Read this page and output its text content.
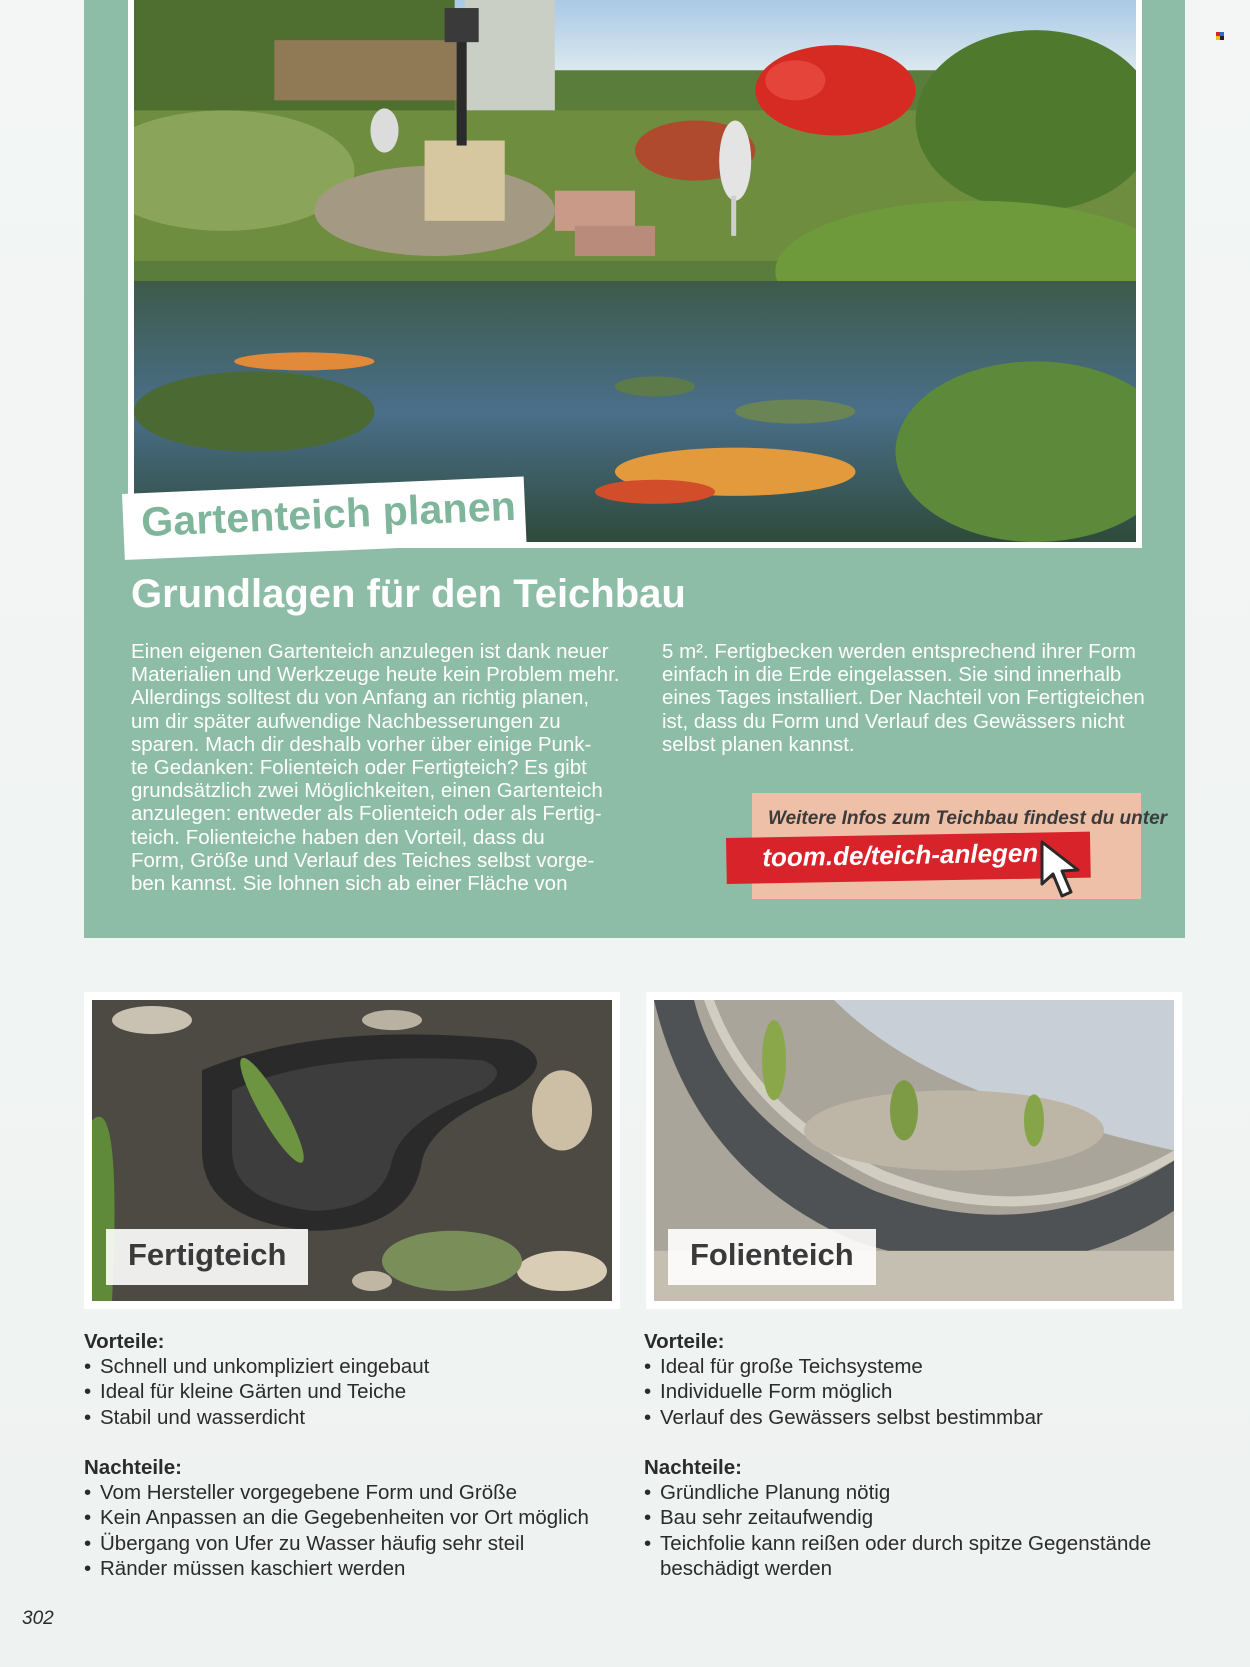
Gartenteich planen
Grundlagen für den Teichbau

Einen eigenen Gartenteich anzulegen ist dank neuer
Materialien und Werkzeuge heute kein Problem mehr.
Allerdings solltest du von Anfang an richtig planen,
um dir später aufwendige Nachbesserungen zu
sparen. Mach dir deshalb vorher über einige Punk-
te Gedanken: Folienteich oder Fertigteich? Es gibt
grundsätzlich zwei Möglichkeiten, einen Gartenteich
anzulegen: entweder als Folienteich oder als Fertig-
teich. Folienteiche haben den Vorteil, dass du
Form, Größe und Verlauf des Teiches selbst vorge-
ben kannst. Sie lohnen sich ab einer Fläche von

5 m². Fertigbecken werden entsprechend ihrer Form
einfach in die Erde eingelassen. Sie sind innerhalb
eines Tages installiert. Der Nachteil von Fertigteichen
ist, dass du Form und Verlauf des Gewässers nicht
selbst planen kannst.

Weitere Infos zum Teichbau findest du unter
toom.de/teich-anlegen
Fertigteich	Folienteich
Vorteile:
• Schnell und unkompliziert eingebaut
• Ideal für kleine Gärten und Teiche
• Stabil und wasserdicht
Nachteile:
• Vom Hersteller vorgegebene Form und Größe
• Kein Anpassen an die Gegebenheiten vor Ort möglich
• Übergang von Ufer zu Wasser häufig sehr steil
• Ränder müssen kaschiert werden
Vorteile:
• Ideal für große Teichsysteme
• Individuelle Form möglich
• Verlauf des Gewässers selbst bestimmbar
Nachteile:
• Gründliche Planung nötig
• Bau sehr zeitaufwendig
• Teichfolie kann reißen oder durch spitze Gegenstände beschädigt werden
302
